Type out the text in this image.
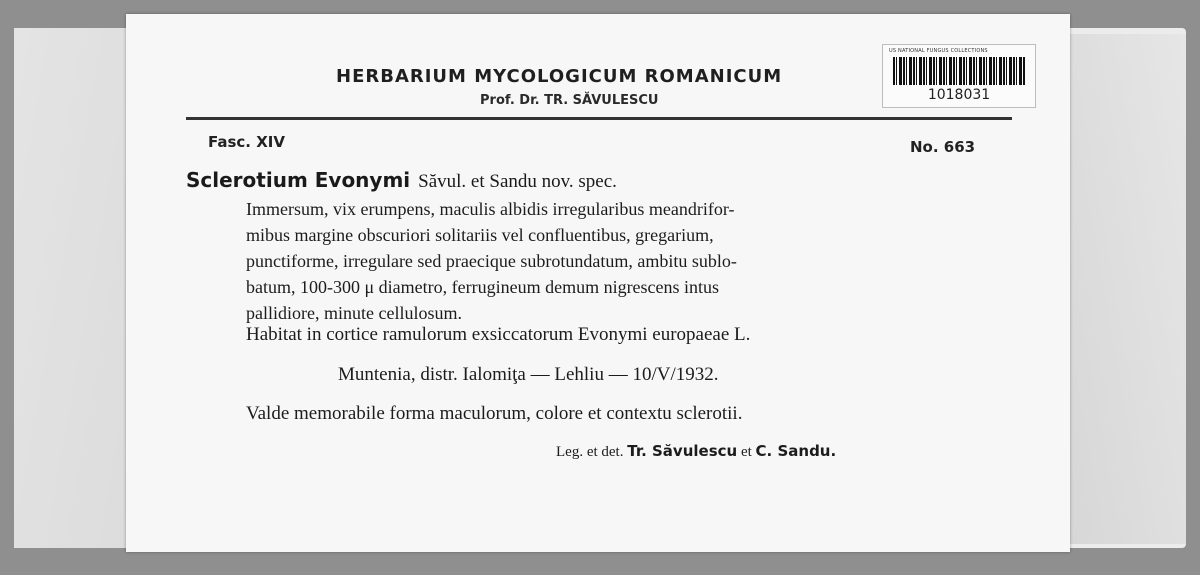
HERBARIUM MYCOLOGICUM ROMANICUM
Prof. Dr. TR. SĂVULESCU
US NATIONAL FUNGUS COLLECTIONS
1018031
Fasc. XIV	No. 663
Sclerotium Evonymi Săvul. et Sandu nov. spec.
Immersum, vix erumpens, maculis albidis irregularibus meandrifor-
mibus margine obscuriori solitariis vel confluentibus, gregarium,
punctiforme, irregulare sed praecique subrotundatum, ambitu sublo-
batum, 100-300 μ diametro, ferrugineum demum nigrescens intus
pallidiore, minute cellulosum.
Habitat in cortice ramulorum exsiccatorum Evonymi europaeae L.
Muntenia, distr. Ialomiţa — Lehliu — 10/V/1932.
Valde memorabile forma maculorum, colore et contextu sclerotii.
Leg. et det. Tr. Săvulescu et C. Sandu.
